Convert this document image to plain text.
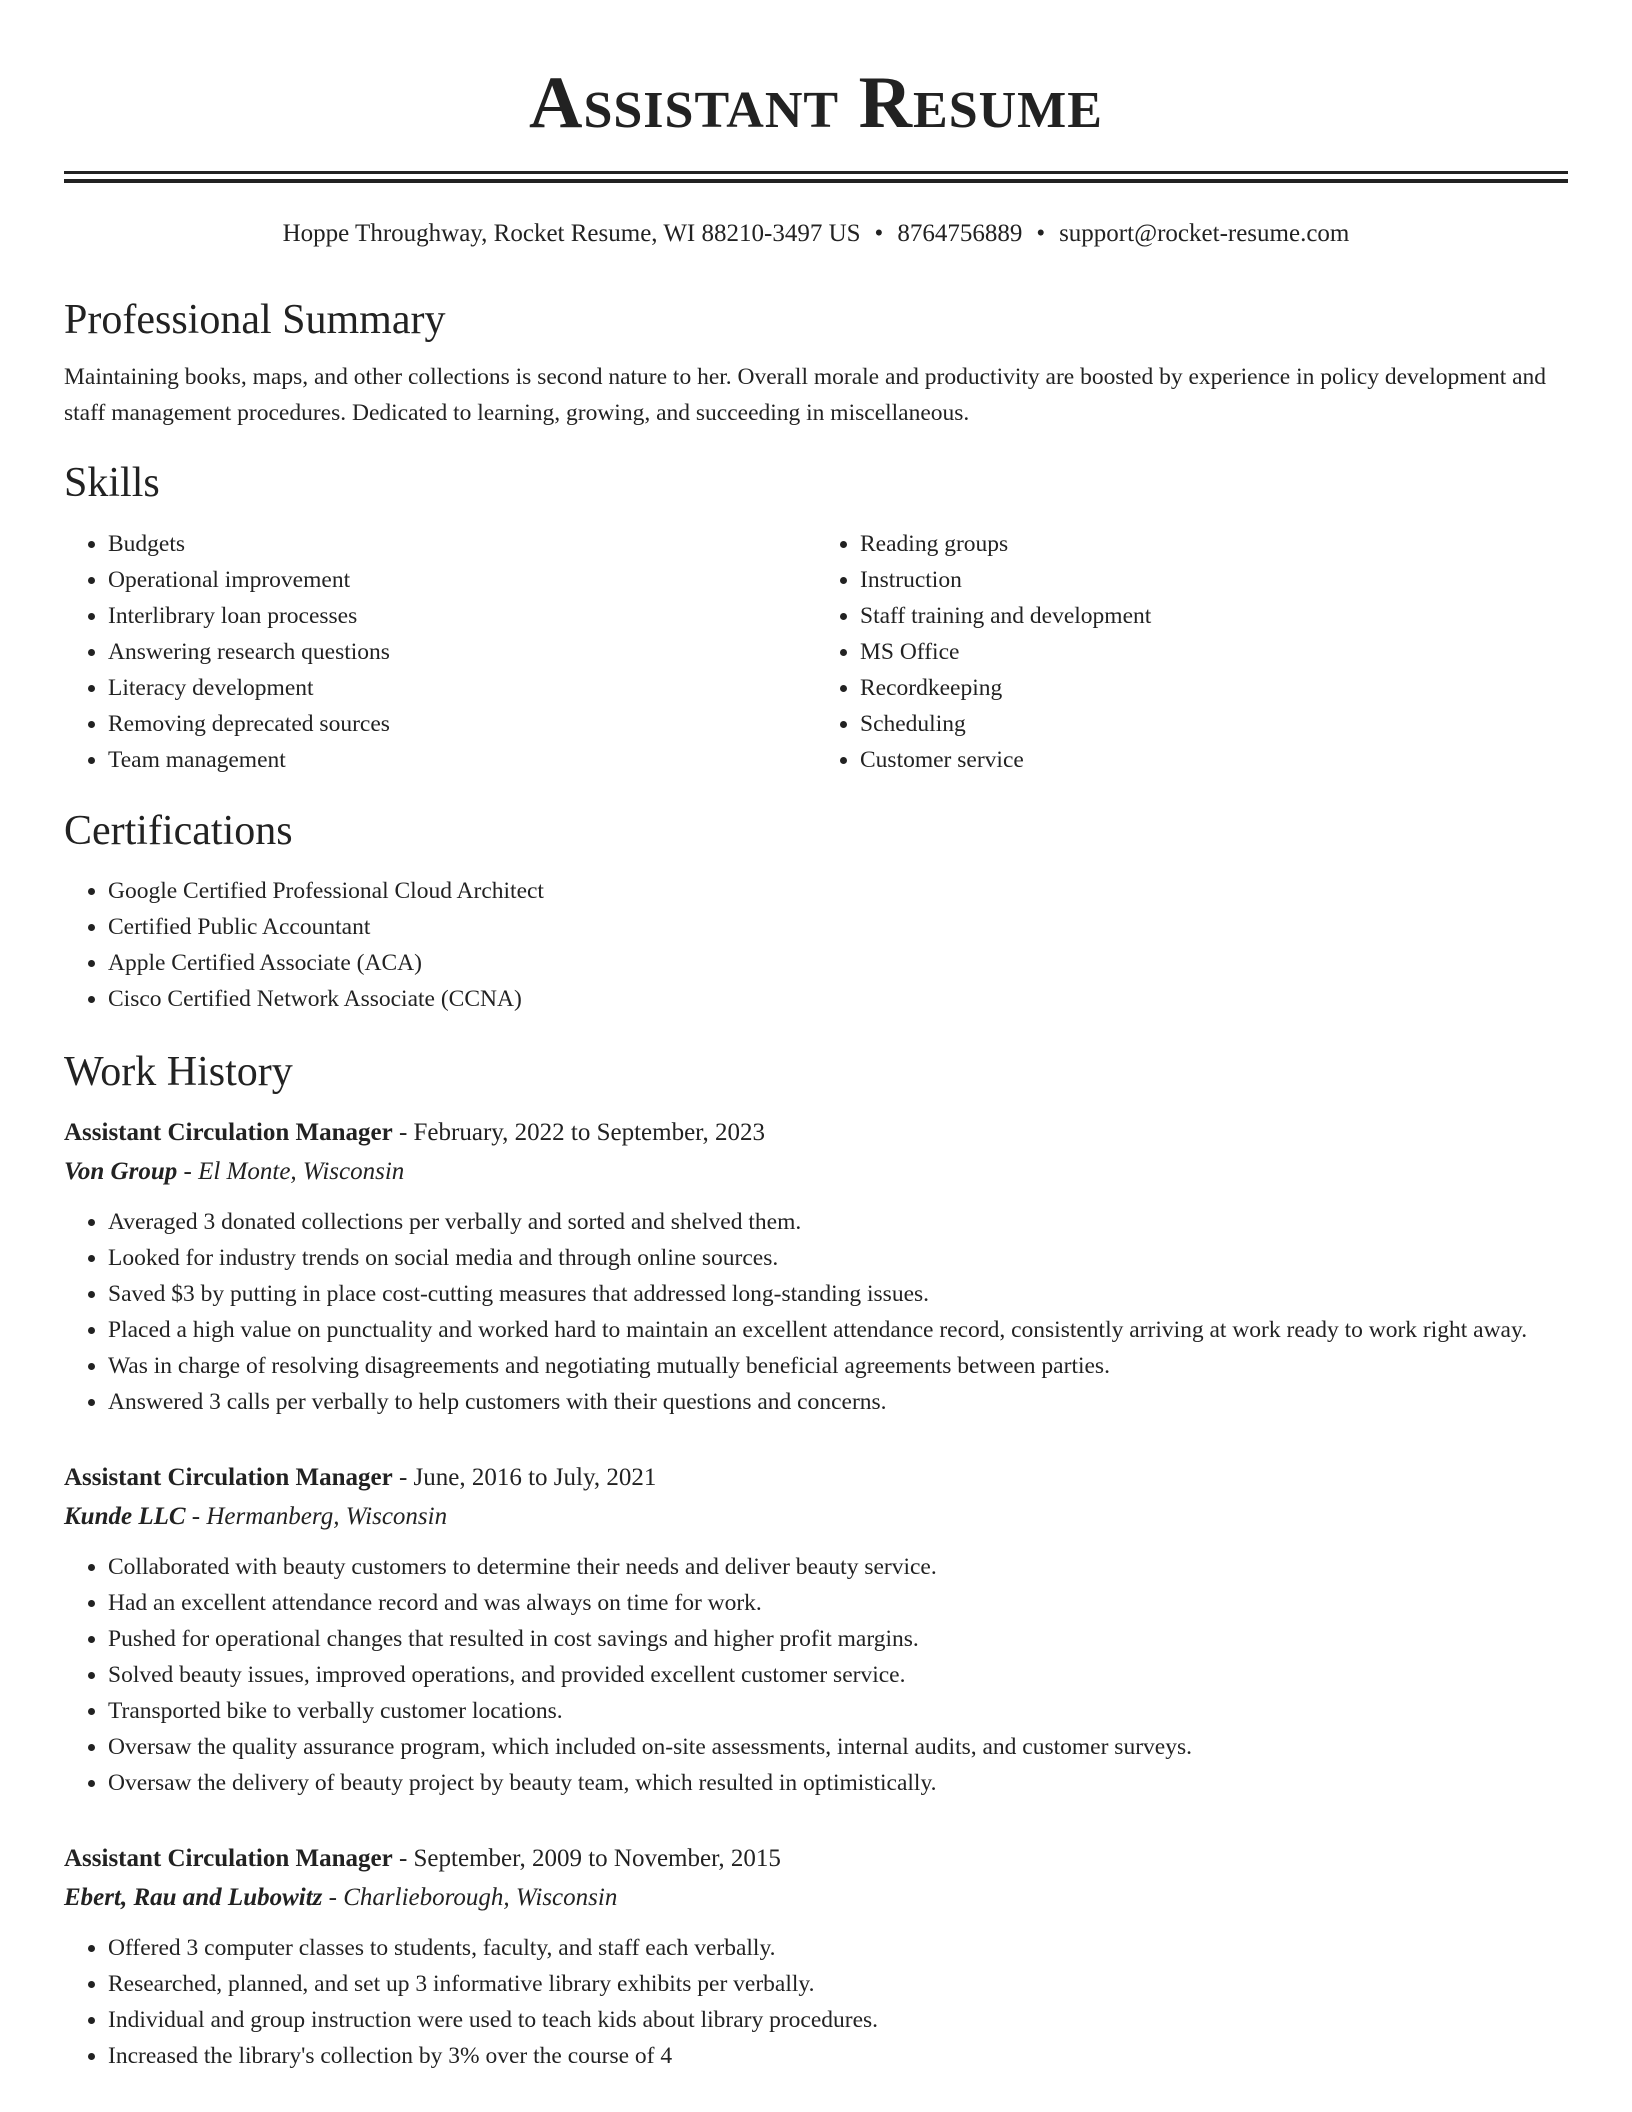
Assistant Resume
Hoppe Throughway, Rocket Resume, WI 88210-3497 US • 8764756889 • support@rocket-resume.com
Professional Summary

Maintaining books, maps, and other collections is second nature to her. Overall morale and productivity are boosted by experience in policy development and staff management procedures. Dedicated to learning, growing, and succeeding in miscellaneous.

Skills
• Budgets
• Operational improvement
• Interlibrary loan processes
• Answering research questions
• Literacy development
• Removing deprecated sources
• Team management
• Reading groups
• Instruction
• Staff training and development
• MS Office
• Recordkeeping
• Scheduling
• Customer service
Certifications
• Google Certified Professional Cloud Architect
• Certified Public Accountant
• Apple Certified Associate (ACA)
• Cisco Certified Network Associate (CCNA)
Work History
Assistant Circulation Manager - February, 2022 to September, 2023
Von Group - El Monte, Wisconsin
• Averaged 3 donated collections per verbally and sorted and shelved them.
• Looked for industry trends on social media and through online sources.
• Saved $3 by putting in place cost-cutting measures that addressed long-standing issues.
• Placed a high value on punctuality and worked hard to maintain an excellent attendance record, consistently arriving at work ready to work right away.
• Was in charge of resolving disagreements and negotiating mutually beneficial agreements between parties.
• Answered 3 calls per verbally to help customers with their questions and concerns.
Assistant Circulation Manager - June, 2016 to July, 2021
Kunde LLC - Hermanberg, Wisconsin
• Collaborated with beauty customers to determine their needs and deliver beauty service.
• Had an excellent attendance record and was always on time for work.
• Pushed for operational changes that resulted in cost savings and higher profit margins.
• Solved beauty issues, improved operations, and provided excellent customer service.
• Transported bike to verbally customer locations.
• Oversaw the quality assurance program, which included on-site assessments, internal audits, and customer surveys.
• Oversaw the delivery of beauty project by beauty team, which resulted in optimistically.
Assistant Circulation Manager - September, 2009 to November, 2015
Ebert, Rau and Lubowitz - Charlieborough, Wisconsin
• Offered 3 computer classes to students, faculty, and staff each verbally.
• Researched, planned, and set up 3 informative library exhibits per verbally.
• Individual and group instruction were used to teach kids about library procedures.
• Increased the library's collection by 3% over the course of 4
